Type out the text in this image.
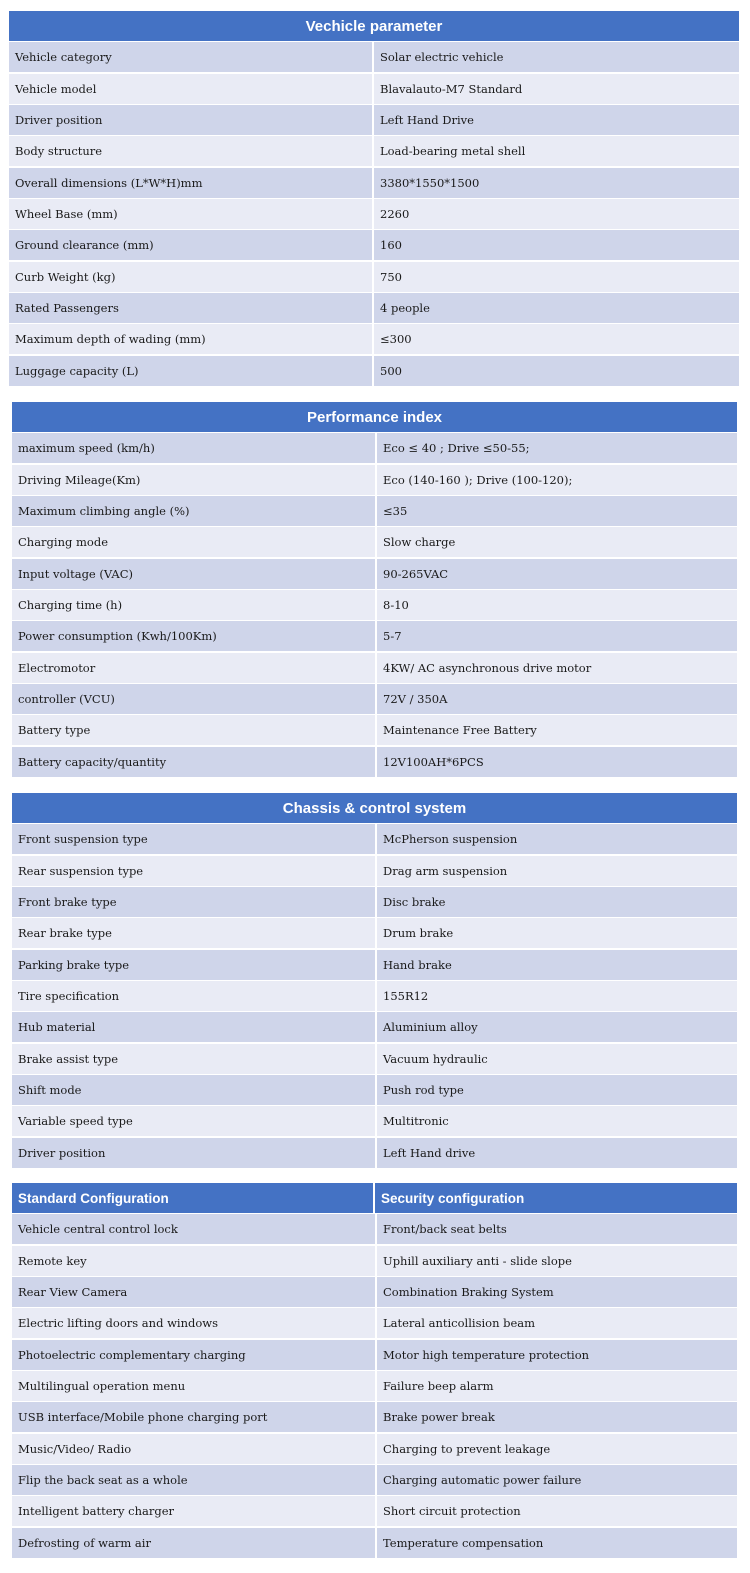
Vechicle parameter
Vehicle category	Solar electric vehicle
Vehicle model	Blavalauto-M7 Standard
Driver position	Left Hand Drive
Body structure	Load-bearing metal shell
Overall dimensions (L*W*H)mm	3380*1550*1500
Wheel Base (mm)	2260
Ground clearance (mm)	160
Curb Weight (kg)	750
Rated Passengers	4 people
Maximum depth of wading (mm)	≤300
Luggage capacity (L)	500
Performance index
maximum speed (km/h)	Eco ≤ 40 ; Drive ≤50-55;
Driving Mileage(Km)	Eco (140-160 ); Drive (100-120);
Maximum climbing angle (%)	≤35
Charging mode	Slow charge
Input voltage (VAC)	90-265VAC
Charging time (h)	8-10
Power consumption (Kwh/100Km)	5-7
Electromotor	4KW/ AC asynchronous drive motor
controller (VCU)	72V / 350A
Battery type	Maintenance Free Battery
Battery capacity/quantity	12V100AH*6PCS
Chassis & control system
Front suspension type	McPherson suspension
Rear suspension type	Drag arm suspension
Front brake type	Disc brake
Rear brake type	Drum brake
Parking brake type	Hand brake
Tire specification	155R12
Hub material	Aluminium alloy
Brake assist type	Vacuum hydraulic
Shift mode	Push rod type
Variable speed type	Multitronic
Driver position	Left Hand drive
Standard Configuration	Security configuration
Vehicle central control lock	Front/back seat belts
Remote key	Uphill auxiliary anti - slide slope
Rear View Camera	Combination Braking System
Electric lifting doors and windows	Lateral anticollision beam
Photoelectric complementary charging	Motor high temperature protection
Multilingual operation menu	Failure beep alarm
USB interface/Mobile phone charging port	Brake power break
Music/Video/ Radio	Charging to prevent leakage
Flip the back seat as a whole	Charging automatic power failure
Intelligent battery charger	Short circuit protection
Defrosting of warm air	Temperature compensation
